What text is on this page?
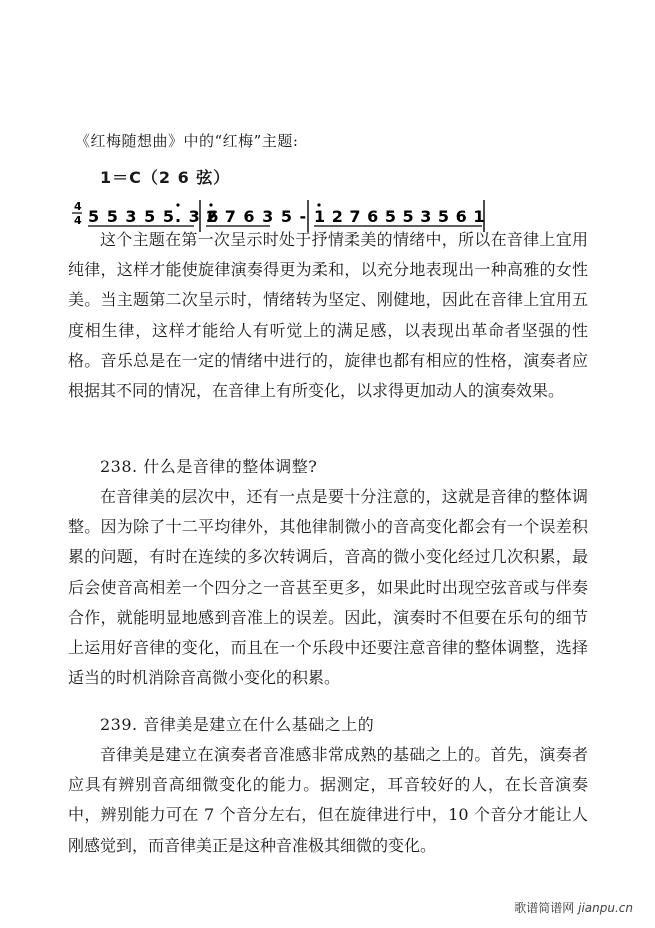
《红梅随想曲》中的“红梅”主题:
1＝C（2 6 弦）
4
4 5 5 3 5 5. 3 6
2 7 6 3 5 - 1 2 7 6 5 5 3 5 6 1

这个主题在第一次呈示时处于抒情柔美的情绪中，所以在音律上宜用纯律，这样才能使旋律演奏得更为柔和，以充分地表现出一种高雅的女性美。当主题第二次呈示时，情绪转为坚定、刚健地，因此在音律上宜用五度相生律，这样才能给人有听觉上的满足感，以表现出革命者坚强的性格。音乐总是在一定的情绪中进行的，旋律也都有相应的性格，演奏者应根据其不同的情况，在音律上有所变化，以求得更加动人的演奏效果。

238. 什么是音律的整体调整?

在音律美的层次中，还有一点是要十分注意的，这就是音律的整体调整。因为除了十二平均律外，其他律制微小的音高变化都会有一个误差积累的问题，有时在连续的多次转调后，音高的微小变化经过几次积累，最后会使音高相差一个四分之一音甚至更多，如果此时出现空弦音或与伴奏合作，就能明显地感到音准上的误差。因此，演奏时不但要在乐句的细节上运用好音律的变化，而且在一个乐段中还要注意音律的整体调整，选择适当的时机消除音高微小变化的积累。

239. 音律美是建立在什么基础之上的

音律美是建立在演奏者音准感非常成熟的基础之上的。首先，演奏者应具有辨别音高细微变化的能力。据测定，耳音较好的人，在长音演奏中，辨别能力可在 7 个音分左右，但在旋律进行中，10 个音分才能让人刚感觉到，而音律美正是这种音准极其细微的变化。

歌谱简谱网 jianpu.cn
